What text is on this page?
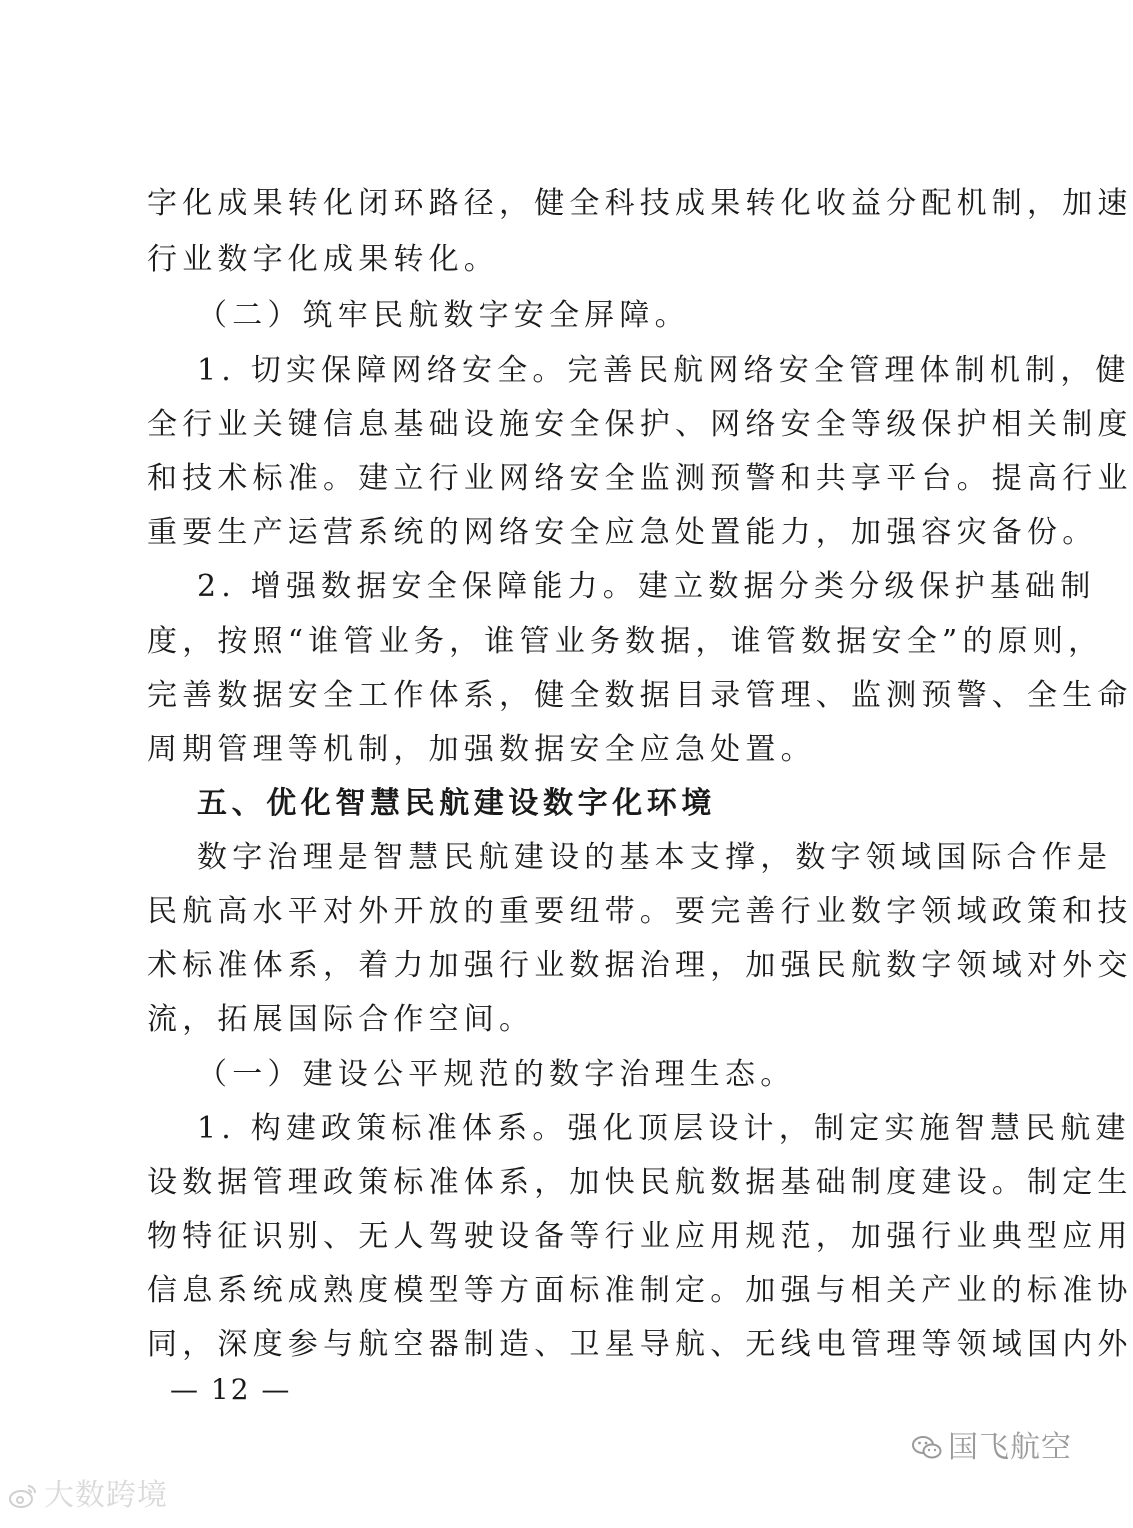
字化成果转化闭环路径，健全科技成果转化收益分配机制，加速
行业数字化成果转化。
（二）筑牢民航数字安全屏障。
1. 切实保障网络安全。完善民航网络安全管理体制机制，健
全行业关键信息基础设施安全保护、网络安全等级保护相关制度
和技术标准。建立行业网络安全监测预警和共享平台。提高行业
重要生产运营系统的网络安全应急处置能力，加强容灾备份。
2. 增强数据安全保障能力。建立数据分类分级保护基础制
度，按照“谁管业务，谁管业务数据，谁管数据安全”的原则，
完善数据安全工作体系，健全数据目录管理、监测预警、全生命
周期管理等机制，加强数据安全应急处置。
五、优化智慧民航建设数字化环境
数字治理是智慧民航建设的基本支撑，数字领域国际合作是
民航高水平对外开放的重要纽带。要完善行业数字领域政策和技
术标准体系，着力加强行业数据治理，加强民航数字领域对外交
流，拓展国际合作空间。
（一）建设公平规范的数字治理生态。
1. 构建政策标准体系。强化顶层设计，制定实施智慧民航建
设数据管理政策标准体系，加快民航数据基础制度建设。制定生
物特征识别、无人驾驶设备等行业应用规范，加强行业典型应用
信息系统成熟度模型等方面标准制定。加强与相关产业的标准协
同，深度参与航空器制造、卫星导航、无线电管理等领域国内外
— 12 —
国飞航空
大数跨境
